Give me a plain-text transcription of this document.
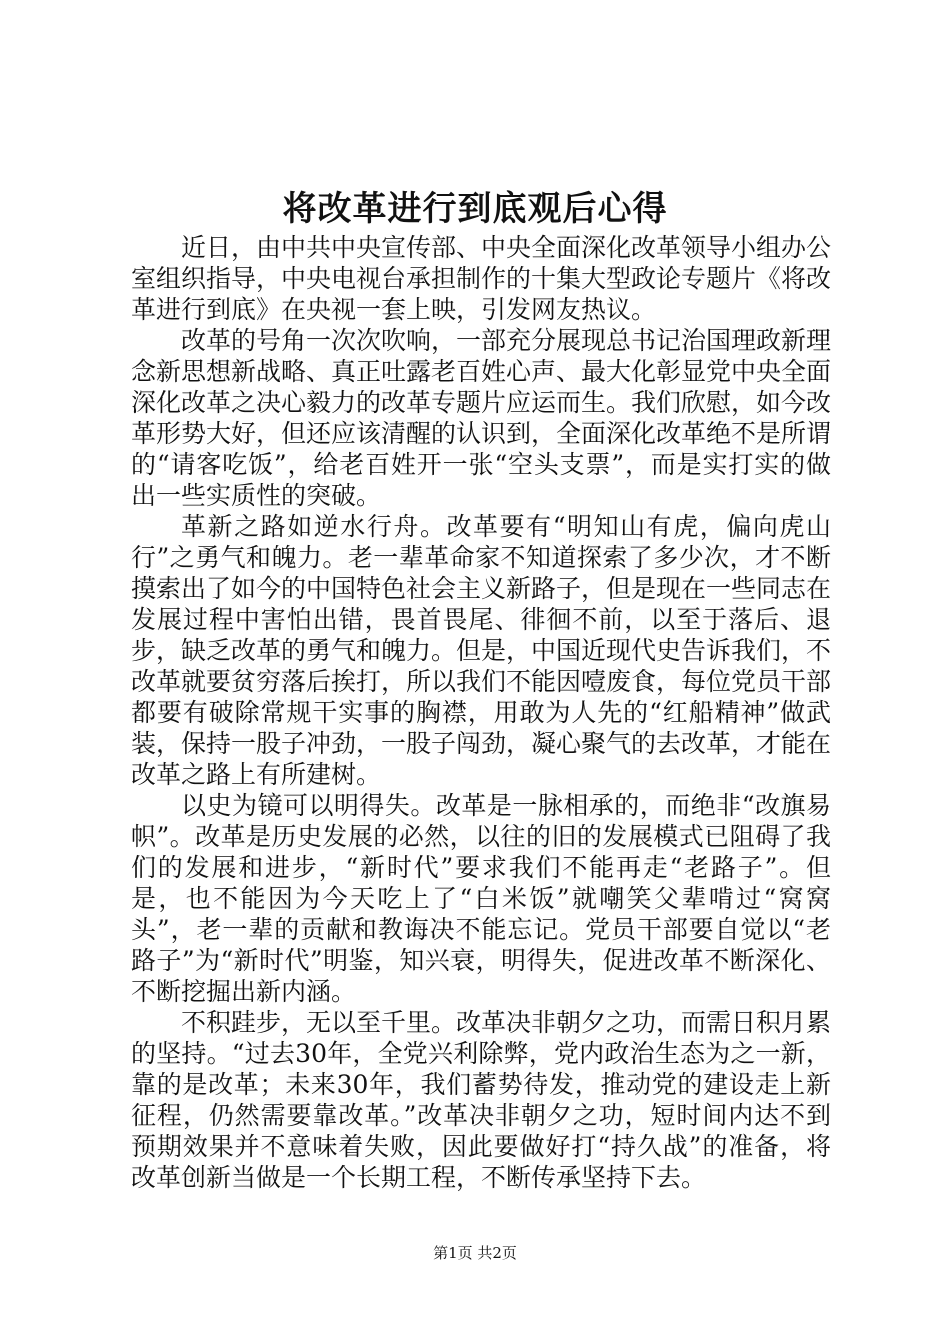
将改革进行到底观后心得

近日，由中共中央宣传部、中央全面深化改革领导小组办公室组织指导，中央电视台承担制作的十集大型政论专题片《将改革进行到底》在央视一套上映，引发网友热议。

改革的号角一次次吹响，一部充分展现总书记治国理政新理念新思想新战略、真正吐露老百姓心声、最大化彰显党中央全面深化改革之决心毅力的改革专题片应运而生。我们欣慰，如今改革形势大好，但还应该清醒的认识到，全面深化改革绝不是所谓的“请客吃饭”，给老百姓开一张“空头支票”，而是实打实的做出一些实质性的突破。

革新之路如逆水行舟。改革要有“明知山有虎，偏向虎山行”之勇气和魄力。老一辈革命家不知道探索了多少次，才不断摸索出了如今的中国特色社会主义新路子，但是现在一些同志在发展过程中害怕出错，畏首畏尾、徘徊不前，以至于落后、退步，缺乏改革的勇气和魄力。但是，中国近现代史告诉我们，不改革就要贫穷落后挨打，所以我们不能因噎废食，每位党员干部都要有破除常规干实事的胸襟，用敢为人先的“红船精神”做武装，保持一股子冲劲，一股子闯劲，凝心聚气的去改革，才能在改革之路上有所建树。

以史为镜可以明得失。改革是一脉相承的，而绝非“改旗易帜”。改革是历史发展的必然，以往的旧的发展模式已阻碍了我们的发展和进步，“新时代”要求我们不能再走“老路子”。但是，也不能因为今天吃上了“白米饭”就嘲笑父辈啃过“窝窝头”，老一辈的贡献和教诲决不能忘记。党员干部要自觉以“老路子”为“新时代”明鉴，知兴衰，明得失，促进改革不断深化、不断挖掘出新内涵。

不积跬步，无以至千里。改革决非朝夕之功，而需日积月累的坚持。“过去30年，全党兴利除弊，党内政治生态为之一新，靠的是改革；未来30年，我们蓄势待发，推动党的建设走上新征程，仍然需要靠改革。”改革决非朝夕之功，短时间内达不到预期效果并不意味着失败，因此要做好打“持久战”的准备，将改革创新当做是一个长期工程，不断传承坚持下去。

第1页 共2页
